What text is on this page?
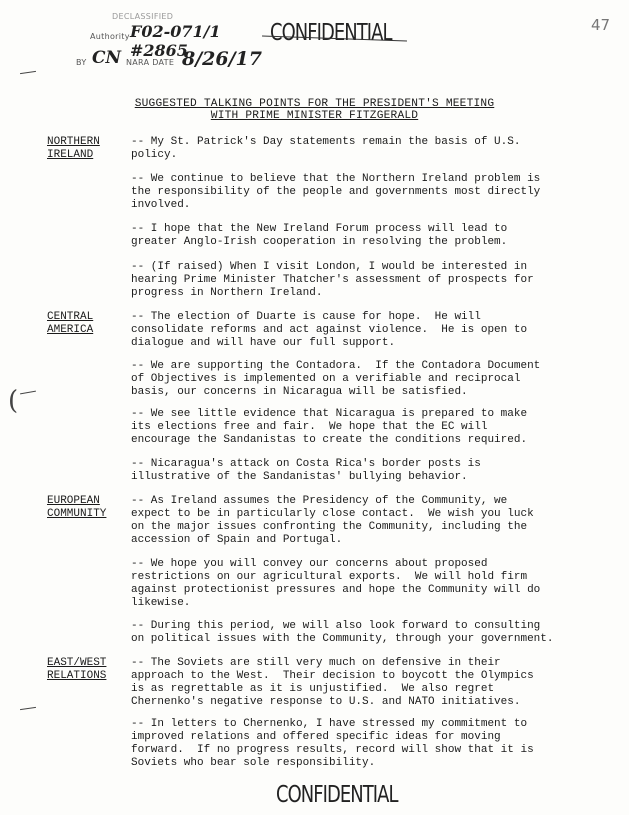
DECLASSIFIED
Authority F02-071/1 #2865
BY CN NARA DATE 8/26/17
CONFIDENTIAL	47
SUGGESTED TALKING POINTS FOR THE PRESIDENT'S MEETING
WITH PRIME MINISTER FITZGERALD
NORTHERN
IRELAND
-- My St. Patrick's Day statements remain the basis of U.S.
policy.
-- We continue to believe that the Northern Ireland problem is
the responsibility of the people and governments most directly
involved.
-- I hope that the New Ireland Forum process will lead to
greater Anglo-Irish cooperation in resolving the problem.
-- (If raised) When I visit London, I would be interested in
hearing Prime Minister Thatcher's assessment of prospects for
progress in Northern Ireland.
CENTRAL
AMERICA
-- The election of Duarte is cause for hope.  He will
consolidate reforms and act against violence.  He is open to
dialogue and will have our full support.
-- We are supporting the Contadora.  If the Contadora Document
of Objectives is implemented on a verifiable and reciprocal
basis, our concerns in Nicaragua will be satisfied.
-- We see little evidence that Nicaragua is prepared to make
its elections free and fair.  We hope that the EC will
encourage the Sandanistas to create the conditions required.
-- Nicaragua's attack on Costa Rica's border posts is
illustrative of the Sandanistas' bullying behavior.
EUROPEAN
COMMUNITY
-- As Ireland assumes the Presidency of the Community, we
expect to be in particularly close contact.  We wish you luck
on the major issues confronting the Community, including the
accession of Spain and Portugal.
-- We hope you will convey our concerns about proposed
restrictions on our agricultural exports.  We will hold firm
against protectionist pressures and hope the Community will do
likewise.
-- During this period, we will also look forward to consulting
on political issues with the Community, through your government.
EAST/WEST
RELATIONS
-- The Soviets are still very much on defensive in their
approach to the West.  Their decision to boycott the Olympics
is as regrettable as it is unjustified.  We also regret
Chernenko's negative response to U.S. and NATO initiatives.
-- In letters to Chernenko, I have stressed my commitment to
improved relations and offered specific ideas for moving
forward.  If no progress results, record will show that it is
Soviets who bear sole responsibility.
CONFIDENTIAL
(
